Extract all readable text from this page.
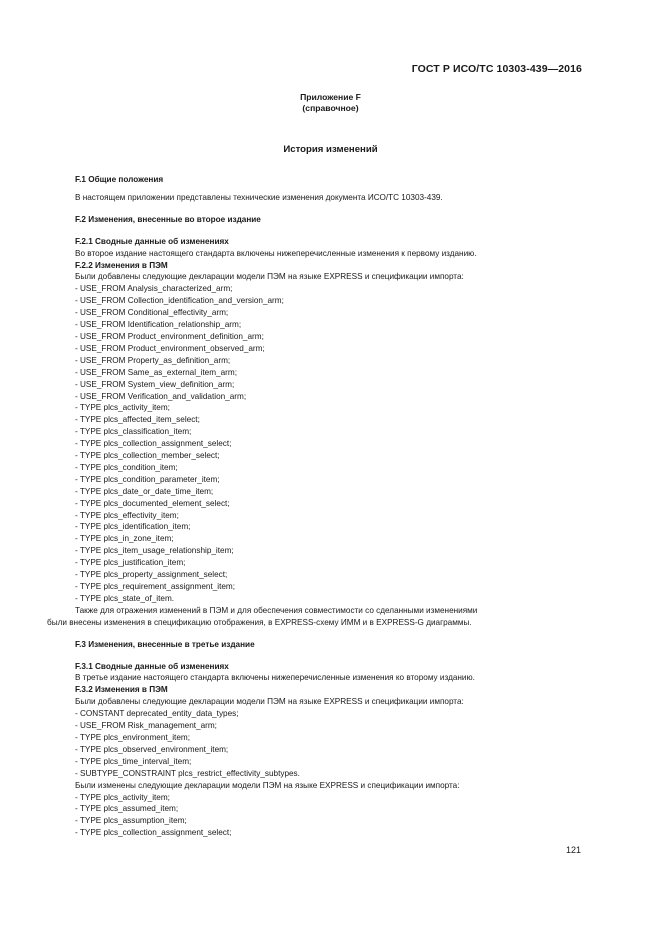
ГОСТ Р ИСО/ТС 10303-439—2016
Приложение F
(справочное)
История изменений

F.1 Общие положения

В настоящем приложении представлены технические изменения документа ИСО/ТС 10303-439.

F.2 Изменения, внесенные во второе издание

F.2.1 Сводные данные об изменениях

Во второе издание настоящего стандарта включены нижеперечисленные изменения к первому изданию.

F.2.2 Изменения в ПЭМ

Были добавлены следующие декларации модели ПЭМ на языке EXPRESS и спецификации импорта:

- USE_FROM Analysis_characterized_arm;
- USE_FROM Collection_identification_and_version_arm;
- USE_FROM Conditional_effectivity_arm;
- USE_FROM Identification_relationship_arm;
- USE_FROM Product_environment_definition_arm;
- USE_FROM Product_environment_observed_arm;
- USE_FROM Property_as_definition_arm;
- USE_FROM Same_as_external_item_arm;
- USE_FROM System_view_definition_arm;
- USE_FROM Verification_and_validation_arm;
- TYPE plcs_activity_item;
- TYPE plcs_affected_item_select;
- TYPE plcs_classification_item;
- TYPE plcs_collection_assignment_select;
- TYPE plcs_collection_member_select;
- TYPE plcs_condition_item;
- TYPE plcs_condition_parameter_item;
- TYPE plcs_date_or_date_time_item;
- TYPE plcs_documented_element_select;
- TYPE plcs_effectivity_item;
- TYPE plcs_identification_item;
- TYPE plcs_in_zone_item;
- TYPE plcs_item_usage_relationship_item;
- TYPE plcs_justification_item;
- TYPE plcs_property_assignment_select;
- TYPE plcs_requirement_assignment_item;
- TYPE plcs_state_of_item.

Также для отражения изменений в ПЭМ и для обеспечения совместимости со сделанными изменениями

были внесены изменения в спецификацию отображения, в EXPRESS-схему ИММ и в EXPRESS-G диаграммы.

F.3 Изменения, внесенные в третье издание

F.3.1 Сводные данные об изменениях

В третье издание настоящего стандарта включены нижеперечисленные изменения ко второму изданию.

F.3.2 Изменения в ПЭМ

Были добавлены следующие декларации модели ПЭМ на языке EXPRESS и спецификации импорта:

- CONSTANT deprecated_entity_data_types;
- USE_FROM Risk_management_arm;
- TYPE plcs_environment_item;
- TYPE plcs_observed_environment_item;
- TYPE plcs_time_interval_item;
- SUBTYPE_CONSTRAINT plcs_restrict_effectivity_subtypes.

Были изменены следующие декларации модели ПЭМ на языке EXPRESS и спецификации импорта:

- TYPE plcs_activity_item;
- TYPE plcs_assumed_item;
- TYPE plcs_assumption_item;
- TYPE plcs_collection_assignment_select;
121
